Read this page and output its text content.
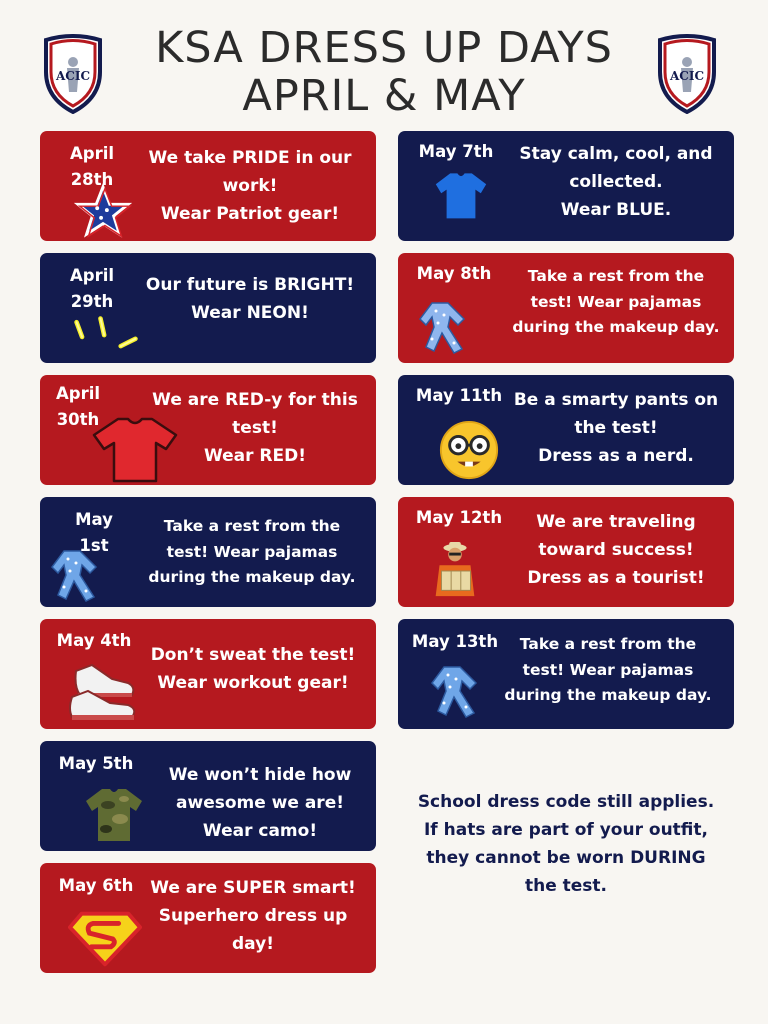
KSA DRESS UP DAYS
APRIL & MAY
ACIC	ACIC
April
28th
We take PRIDE in our
work!
Wear Patriot gear!
April
29th
Our future is BRIGHT!
Wear NEON!
April
30th
We are RED-y for this
test!
Wear RED!
May
1st
Take a rest from the
test! Wear pajamas
during the makeup day.
May 4th
Don’t sweat the test!
Wear workout gear!
May 5th
We won’t hide how
awesome we are!
Wear camo!
May 6th We are SUPER smart!
Superhero dress up
day!
May 7th	Stay calm, cool, and
collected.
Wear BLUE.
May 8th	Take a rest from the
test! Wear pajamas
during the makeup day.
May 11th Be a smarty pants on
the test!
Dress as a nerd.
May 12th	We are traveling
toward success!
Dress as a tourist!
May 13th	Take a rest from the
test! Wear pajamas
during the makeup day.
School dress code still applies.
If hats are part of your outfit,
they cannot be worn DURING
the test.
